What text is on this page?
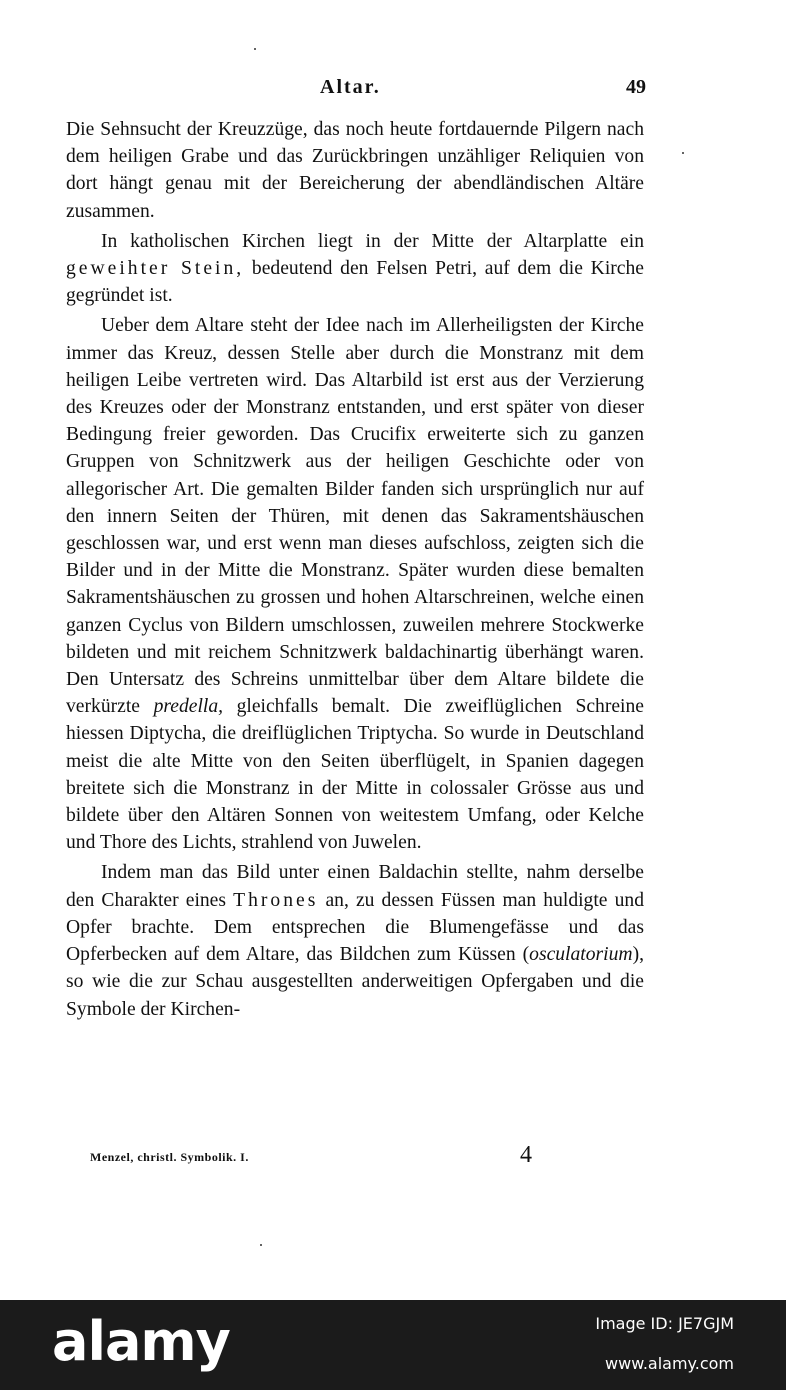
Altar.	49

Die Sehnsucht der Kreuzzüge, das noch heute fortdauernde Pilgern nach dem heiligen Grabe und das Zurückbringen unzähliger Reliquien von dort hängt genau mit der Bereicherung der abendländischen Altäre zusammen.

In katholischen Kirchen liegt in der Mitte der Altarplatte ein geweihter Stein, bedeutend den Felsen Petri, auf dem die Kirche gegründet ist.

Ueber dem Altare steht der Idee nach im Allerheiligsten der Kirche immer das Kreuz, dessen Stelle aber durch die Monstranz mit dem heiligen Leibe vertreten wird. Das Altarbild ist erst aus der Verzierung des Kreuzes oder der Monstranz entstanden, und erst später von dieser Bedingung freier geworden. Das Crucifix erweiterte sich zu ganzen Gruppen von Schnitzwerk aus der heiligen Geschichte oder von allegorischer Art. Die gemalten Bilder fanden sich ursprünglich nur auf den innern Seiten der Thüren, mit denen das Sakramentshäuschen geschlossen war, und erst wenn man dieses aufschloss, zeigten sich die Bilder und in der Mitte die Monstranz. Später wurden diese bemalten Sakramentshäuschen zu grossen und hohen Altarschreinen, welche einen ganzen Cyclus von Bildern umschlossen, zuweilen mehrere Stockwerke bildeten und mit reichem Schnitzwerk baldachinartig überhängt waren. Den Untersatz des Schreins unmittelbar über dem Altare bildete die verkürzte predella, gleichfalls bemalt. Die zweiflüglichen Schreine hiessen Diptycha, die dreiflüglichen Triptycha. So wurde in Deutschland meist die alte Mitte von den Seiten überflügelt, in Spanien dagegen breitete sich die Monstranz in der Mitte in colossaler Grösse aus und bildete über den Altären Sonnen von weitestem Umfang, oder Kelche und Thore des Lichts, strahlend von Juwelen.

Indem man das Bild unter einen Baldachin stellte, nahm derselbe den Charakter eines Thrones an, zu dessen Füssen man huldigte und Opfer brachte. Dem entsprechen die Blumengefässe und das Opferbecken auf dem Altare, das Bildchen zum Küssen (osculatorium), so wie die zur Schau ausgestellten anderweitigen Opfergaben und die Symbole der Kirchen-

Menzel, christl. Symbolik. I.	4
alamy	Image ID: JE7GJM
www.alamy.com
